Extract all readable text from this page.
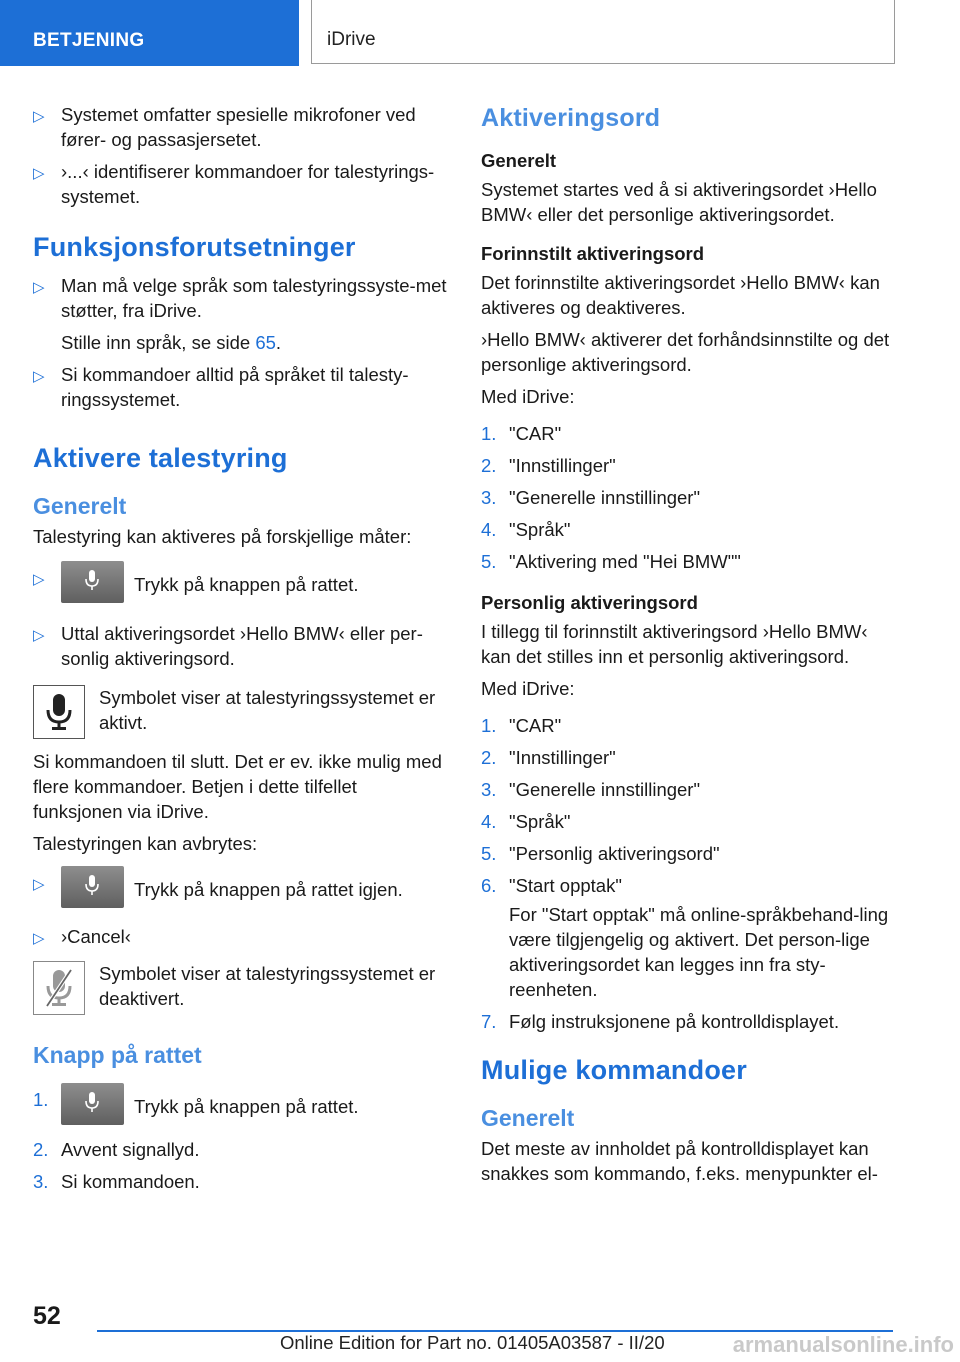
BETJENING	iDrive

▷ Systemet omfatter spesielle mikrofoner ved fører- og passasjersetet.

▷ ›...‹ identifiserer kommandoer for talestyrings-systemet.

Funksjonsforutsetninger

▷ Man må velge språk som talestyringssyste-met støtter, fra iDrive.

Stille inn språk, se side 65.

▷ Si kommandoer alltid på språket til talesty-ringssystemet.

Aktivere talestyring
Generelt

Talestyring kan aktiveres på forskjellige måter:

▷	Trykk på knappen på rattet.

▷ Uttal aktiveringsordet ›Hello BMW‹ eller per-sonlig aktiveringsord.

Symbolet viser at talestyringssystemet er aktivt.

Si kommandoen til slutt. Det er ev. ikke mulig med flere kommandoer. Betjen i dette tilfellet funksjonen via iDrive.

Talestyringen kan avbrytes:

▷	Trykk på knappen på rattet igjen.

▷ ›Cancel‹

Symbolet viser at talestyringssystemet er deaktivert.

Knapp på rattet

1.	Trykk på knappen på rattet.

2. Avvent signallyd.

3. Si kommandoen.

Aktiveringsord
Generelt

Systemet startes ved å si aktiveringsordet ›Hello BMW‹ eller det personlige aktiveringsordet.

Forinnstilt aktiveringsord

Det forinnstilte aktiveringsordet ›Hello BMW‹ kan aktiveres og deaktiveres.

›Hello BMW‹ aktiverer det forhåndsinnstilte og det personlige aktiveringsord.

Med iDrive:

1. "CAR"

2. "Innstillinger"

3. "Generelle innstillinger"

4. "Språk"

5. "Aktivering med "Hei BMW""

Personlig aktiveringsord

I tillegg til forinnstilt aktiveringsord ›Hello BMW‹ kan det stilles inn et personlig aktiveringsord.

Med iDrive:

1. "CAR"

2. "Innstillinger"

3. "Generelle innstillinger"

4. "Språk"

5. "Personlig aktiveringsord"

6. "Start opptak"

For "Start opptak" må online-språkbehand-ling være tilgjengelig og aktivert. Det person-lige aktiveringsordet kan legges inn fra sty-reenheten.

7. Følg instruksjonene på kontrolldisplayet.

Mulige kommandoer
Generelt

Det meste av innholdet på kontrolldisplayet kan snakkes som kommando, f.eks. menypunkter el-

52
Online Edition for Part no. 01405A03587 - II/20	armanualsonline.info
